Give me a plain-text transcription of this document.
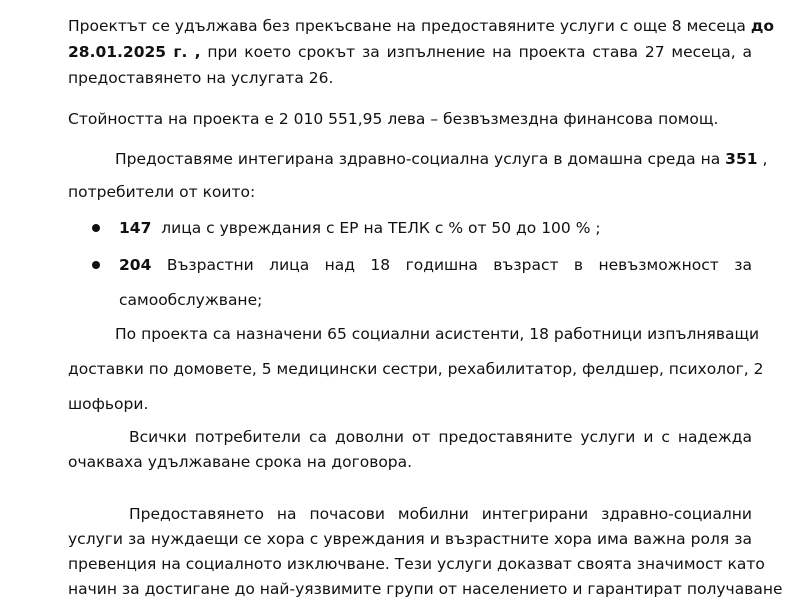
Проектът се удължава без прекъсване на предоставяните услуги с още 8 месеца до
28.01.2025 г. , при което срокът за изпълнение на проекта става 27 месеца, а
предоставянето на услугата 26.
Стойността на проекта е 2 010 551,95 лева – безвъзмездна финансова помощ.
Предоставяме интегирана здравно-социална услуга в домашна среда на 351 ,
потребители от които:
147 лица с увреждания с ЕР на ТЕЛК с % от 50 до 100 % ;
204 Възрастни лица над 18 годишна възраст в невъзможност за
самообслужване;
По проекта са назначени 65 социални асистенти, 18 работници изпълняващи
доставки по домовете, 5 медицински сестри, рехабилитатор, фелдшер, психолог, 2
шофьори.
Всички потребители са доволни от предоставяните услуги и с надежда
очакваха удължаване срока на договора.
Предоставянето на почасови мобилни интегрирани здравно-социални
услуги за нуждаещи се хора с увреждания и възрастните хора има важна роля за
превенция на социалното изключване. Тези услуги доказват своята значимост като
начин за достигане до най-уязвимите групи от населението и гарантират получаване
